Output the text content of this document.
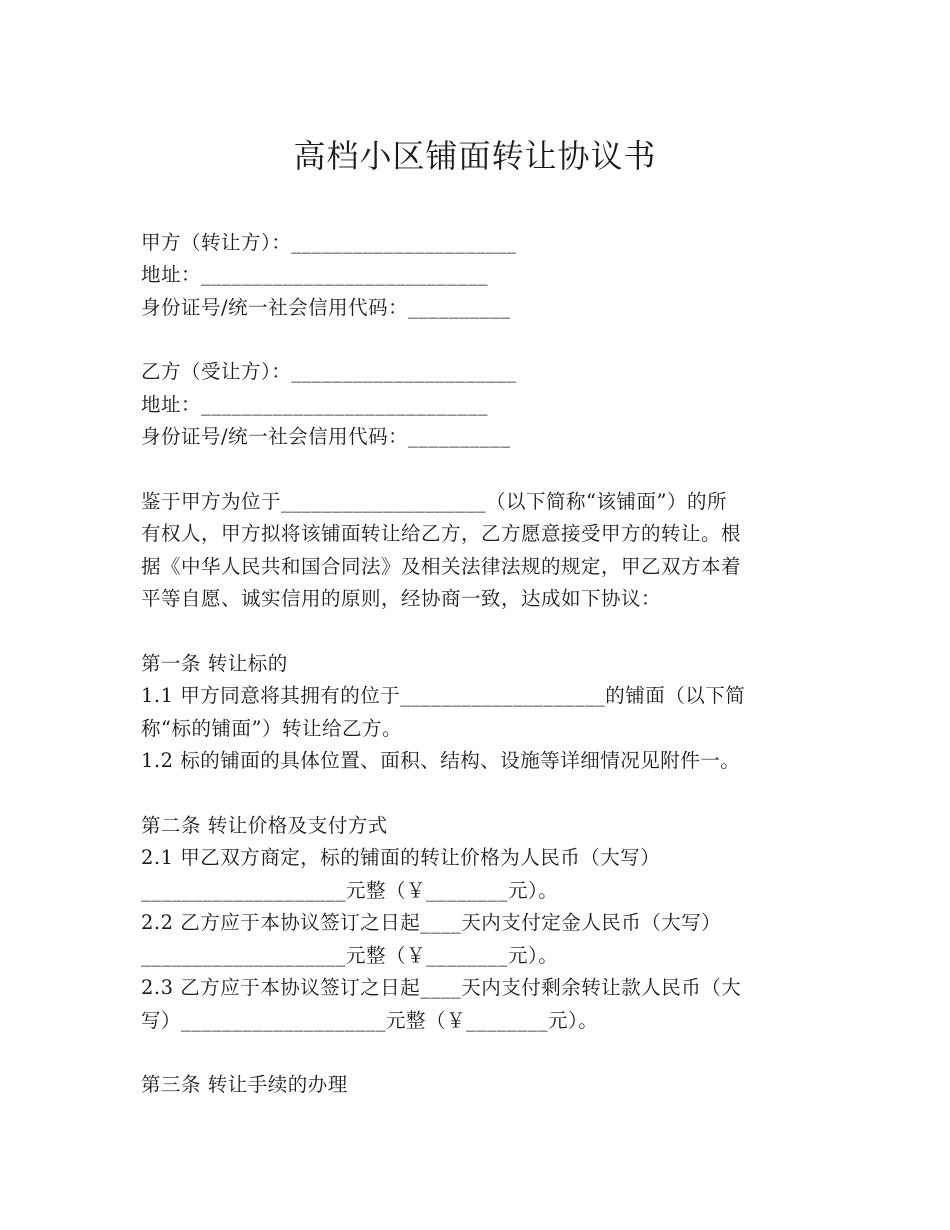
高档小区铺面转让协议书
甲方（转让方）：______________________
地址：____________________________
身份证号/统一社会信用代码：__________
乙方（受让方）：______________________
地址：____________________________
身份证号/统一社会信用代码：__________
鉴于甲方为位于____________________（以下简称“该铺面”）的所
有权人，甲方拟将该铺面转让给乙方，乙方愿意接受甲方的转让。根
据《中华人民共和国合同法》及相关法律法规的规定，甲乙双方本着
平等自愿、诚实信用的原则，经协商一致，达成如下协议：
第一条 转让标的
1.1 甲方同意将其拥有的位于____________________的铺面（以下简
称“标的铺面”）转让给乙方。
1.2 标的铺面的具体位置、面积、结构、设施等详细情况见附件一。
第二条 转让价格及支付方式
2.1 甲乙双方商定，标的铺面的转让价格为人民币（大写）
____________________元整（￥________元）。
2.2 乙方应于本协议签订之日起____天内支付定金人民币（大写）
____________________元整（￥________元）。
2.3 乙方应于本协议签订之日起____天内支付剩余转让款人民币（大
写）____________________元整（￥________元）。
第三条 转让手续的办理
